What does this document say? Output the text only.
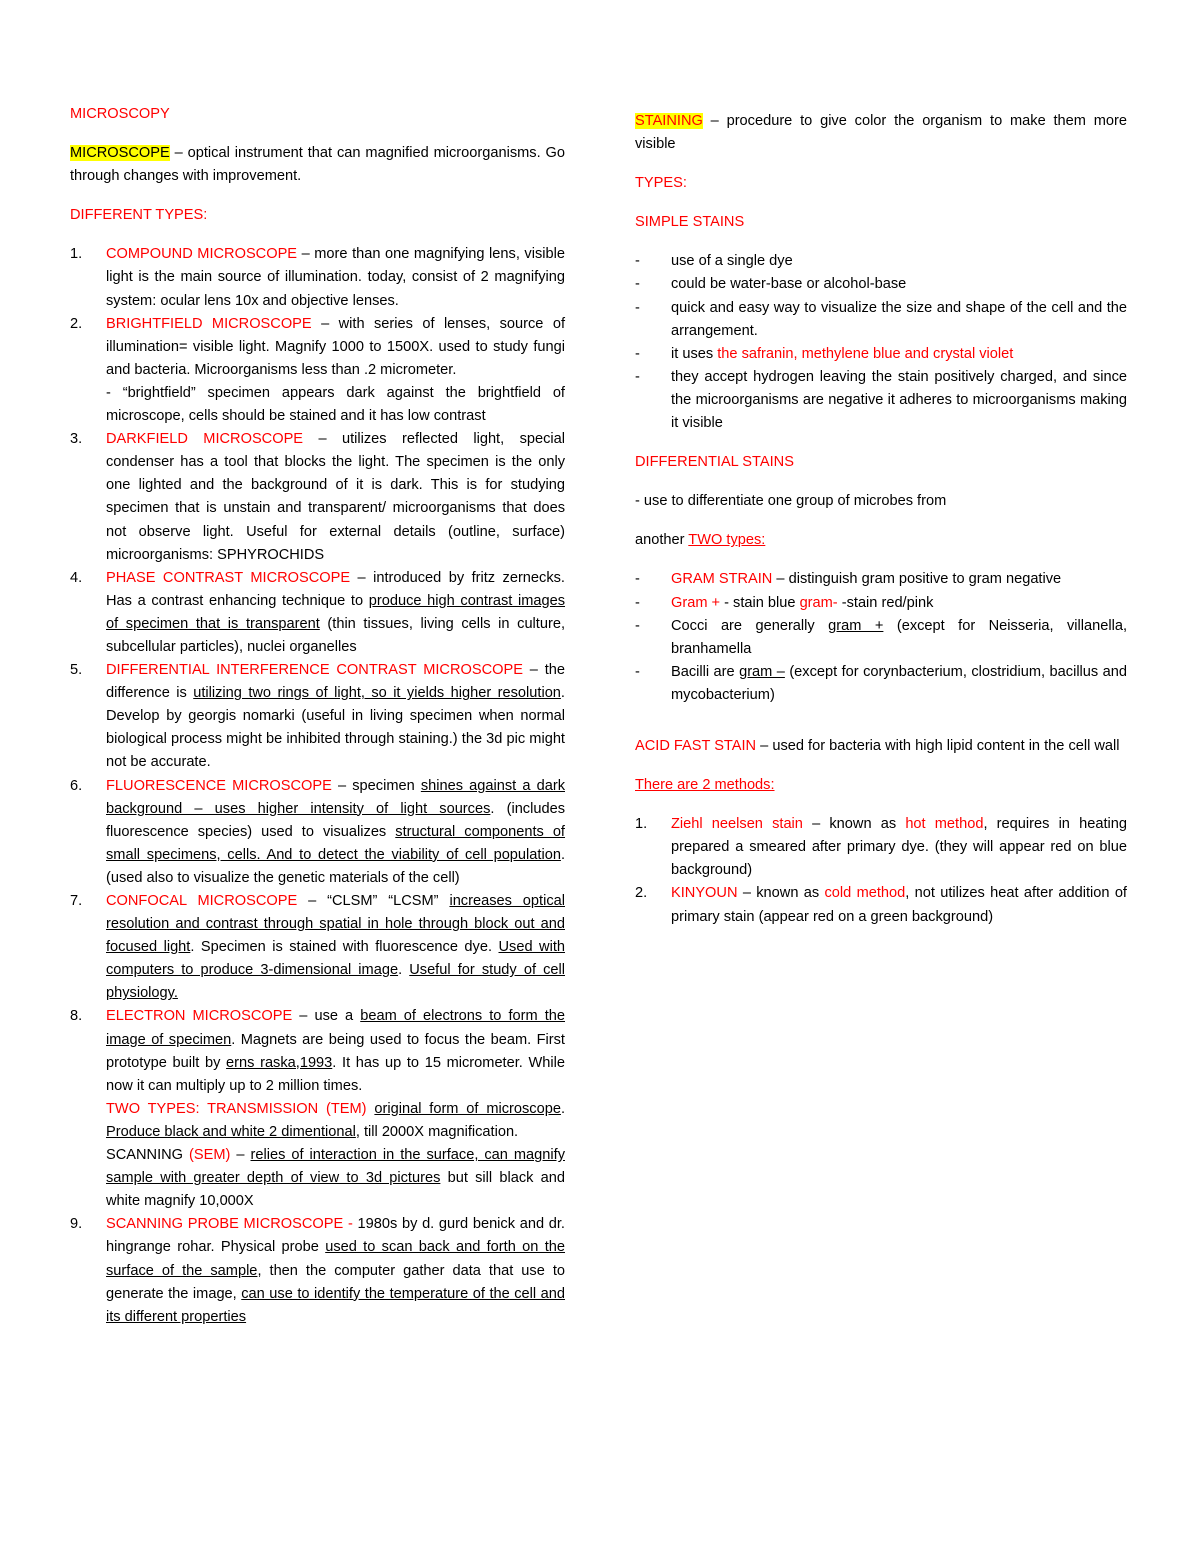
MICROSCOPY

MICROSCOPE – optical instrument that can magnified microorganisms. Go through changes with improvement.

DIFFERENT TYPES:

1. COMPOUND MICROSCOPE – more than one magnifying lens, visible light is the main source of illumination. today, consist of 2 magnifying system: ocular lens 10x and objective lenses.
2. BRIGHTFIELD MICROSCOPE – with series of lenses, source of illumination= visible light. Magnify 1000 to 1500X. used to study fungi and bacteria. Microorganisms less than .2 micrometer.
- “brightfield” specimen appears dark against the brightfield of microscope, cells should be stained and it has low contrast
3. DARKFIELD MICROSCOPE – utilizes reflected light, special condenser has a tool that blocks the light. The specimen is the only one lighted and the background of it is dark. This is for studying specimen that is unstain and transparent/ microorganisms that does not observe light. Useful for external details (outline, surface) microorganisms: SPHYROCHIDS
4. PHASE CONTRAST MICROSCOPE – introduced by fritz zernecks. Has a contrast enhancing technique to produce high contrast images of specimen that is transparent (thin tissues, living cells in culture, subcellular particles), nuclei organelles
5. DIFFERENTIAL INTERFERENCE CONTRAST MICROSCOPE – the difference is utilizing two rings of light, so it yields higher resolution. Develop by georgis nomarki (useful in living specimen when normal biological process might be inhibited through staining.) the 3d pic might not be accurate.
6. FLUORESCENCE MICROSCOPE – specimen shines against a dark background – uses higher intensity of light sources. (includes fluorescence species) used to visualizes structural components of small specimens, cells. And to detect the viability of cell population. (used also to visualize the genetic materials of the cell)
7. CONFOCAL MICROSCOPE – “CLSM” “LCSM” increases optical resolution and contrast through spatial in hole through block out and focused light. Specimen is stained with fluorescence dye. Used with computers to produce 3-dimensional image. Useful for study of cell physiology.
8. ELECTRON MICROSCOPE – use a beam of electrons to form the image of specimen. Magnets are being used to focus the beam. First prototype built by erns raska,1993. It has up to 15 micrometer. While now it can multiply up to 2 million times.
TWO TYPES: TRANSMISSION (TEM) original form of microscope. Produce black and white 2 dimentional, till 2000X magnification.
SCANNING (SEM) – relies of interaction in the surface, can magnify sample with greater depth of view to 3d pictures but sill black and white magnify 10,000X
9. SCANNING PROBE MICROSCOPE - 1980s by d. gurd benick and dr. hingrange rohar. Physical probe used to scan back and forth on the surface of the sample, then the computer gather data that use to generate the image, can use to identify the temperature of the cell and its different properties

STAINING – procedure to give color the organism to make them more visible

TYPES:

SIMPLE STAINS

- use of a single dye
- could be water-base or alcohol-base
- quick and easy way to visualize the size and shape of the cell and the arrangement.
- it uses the safranin, methylene blue and crystal violet
- they accept hydrogen leaving the stain positively charged, and since the microorganisms are negative it adheres to microorganisms making it visible

DIFFERENTIAL STAINS

- use to differentiate one group of microbes from

another TWO types:

- GRAM STRAIN – distinguish gram positive to gram negative
- Gram + - stain blue gram- -stain red/pink
- Cocci are generally gram + (except for Neisseria, villanella, branhamella
- Bacilli are gram – (except for corynbacterium, clostridium, bacillus and mycobacterium)

ACID FAST STAIN – used for bacteria with high lipid content in the cell wall

There are 2 methods:

1. Ziehl neelsen stain – known as hot method, requires in heating prepared a smeared after primary dye. (they will appear red on blue background)
2. KINYOUN – known as cold method, not utilizes heat after addition of primary stain (appear red on a green background)
